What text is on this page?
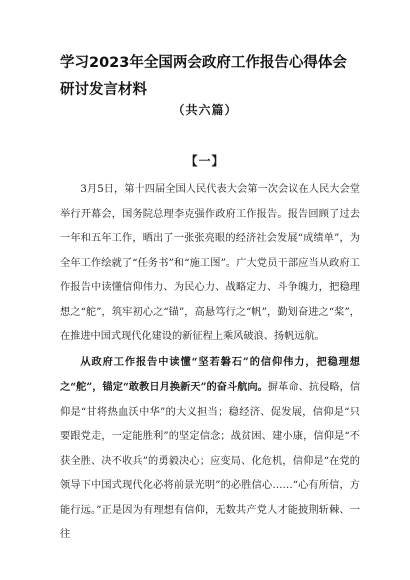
学习2023年全国两会政府工作报告心得体会研讨发言材料
（共六篇）
【一】

3月5日，第十四届全国人民代表大会第一次会议在人民大会堂举行开幕会，国务院总理李克强作政府工作报告。报告回顾了过去一年和五年工作，晒出了一张张亮眼的经济社会发展“成绩单”，为全年工作绘就了“任务书”和“施工图”。广大党员干部应当从政府工作报告中读懂信仰伟力、为民心力、战略定力、斗争魄力，把稳理想之“舵”，筑牢初心之“锚”，高悬笃行之“帆”，勤划奋进之“桨”，在推进中国式现代化建设的新征程上乘风破浪、扬帆远航。

从政府工作报告中读懂“坚若磐石”的信仰伟力，把稳理想之“舵”，锚定“敢教日月换新天”的奋斗航向。摒革命、抗侵略，信仰是“甘将热血沃中华”的大义担当；稳经济、促发展，信仰是“只要跟党走，一定能胜利”的坚定信念；战贫困、建小康，信仰是“不获全胜、决不收兵”的勇毅决心；应变局、化危机，信仰是“在党的领导下中国式现代化必将前景光明”的必胜信心……“心有所信，方能行远。”正是因为有理想有信仰，无数共产党人才能披荆斩棘、一往
